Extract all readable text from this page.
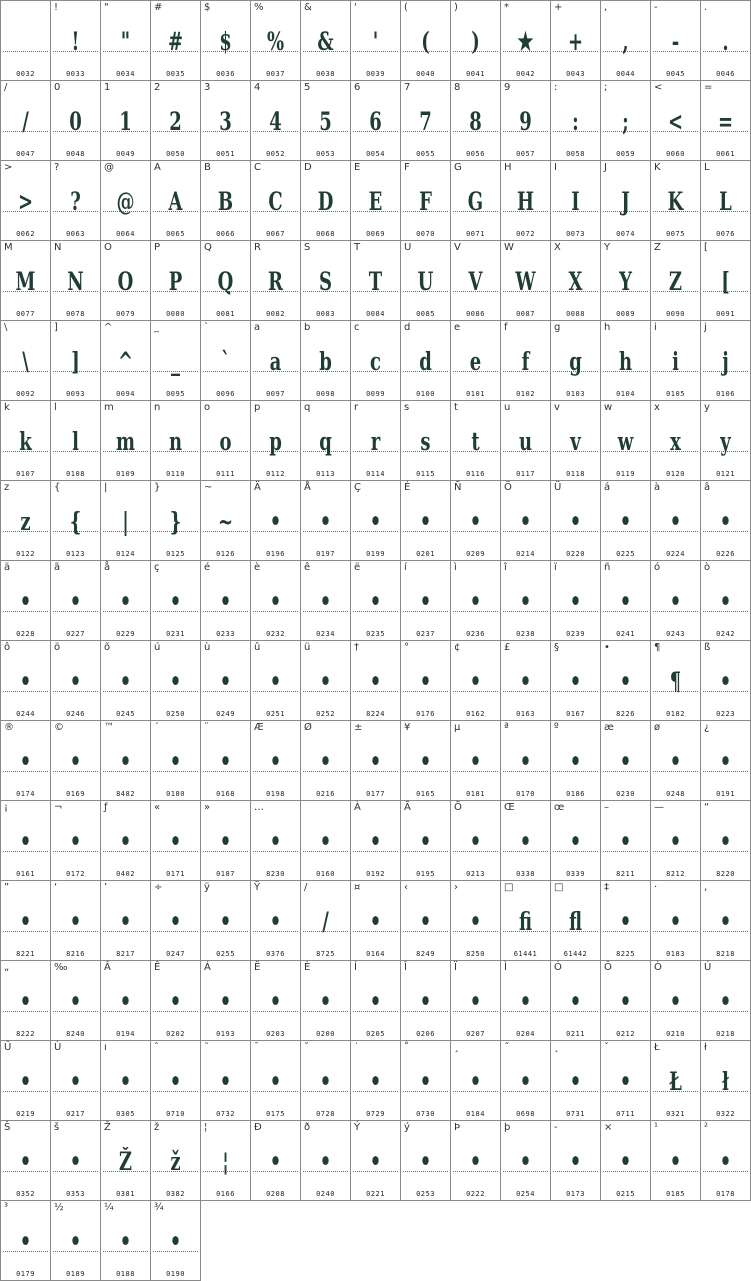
0032
!
!
0033
"
"
0034
#
#
0035
$
$
0036
%
%
0037
&
&
0038
'
'
0039
(
(
0040
)
)
0041
*
★
0042
+
+
0043
,
,
0044
-
-
0045
.
.
0046
/
/
0047
0
0
0048
1
1
0049
2
2
0050
3
3
0051
4
4
0052
5
5
0053
6
6
0054
7
7
0055
8
8
0056
9
9
0057
:
:
0058
;
;
0059
<
<
0060
=
=
0061
>
>
0062
?
?
0063
@
@
0064
A
A
0065
B
B
0066
C
C
0067
D
D
0068
E
E
0069
F
F
0070
G
G
0071
H
H
0072
I
I
0073
J
J
0074
K
K
0075
L
L
0076
M
M
0077
N
N
0078
O
O
0079
P
P
0080
Q
Q
0081
R
R
0082
S
S
0083
T
T
0084
U
U
0085
V
V
0086
W
W
0087
X
X
0088
Y
Y
0089
Z
Z
0090
[
[
0091
\
\
0092
]
]
0093
^
^
0094
_
_
0095
`
`
0096
a
a
0097
b
b
0098
c
c
0099
d
d
0100
e
e
0101
f
f
0102
g
g
0103
h
h
0104
i
i
0105
j
j
0106
k
k
0107
l
l
0108
m
m
0109
n
n
0110
o
o
0111
p
p
0112
q
q
0113
r
r
0114
s
s
0115
t
t
0116
u
u
0117
v
v
0118
w
w
0119
x
x
0120
y
y
0121
z
z
0122
{
{
0123
|
|
0124
}
}
0125
~
~
0126
Ä
•
0196
Å
•
0197
Ç
•
0199
É
•
0201
Ñ
•
0209
Ö
•
0214
Ü
•
0220
á
•
0225
à
•
0224
â
•
0226
ä
•
0228
ã
•
0227
å
•
0229
ç
•
0231
é
•
0233
è
•
0232
ê
•
0234
ë
•
0235
í
•
0237
ì
•
0236
î
•
0238
ï
•
0239
ñ
•
0241
ó
•
0243
ò
•
0242
ô
•
0244
ö
•
0246
õ
•
0245
ú
•
0250
ù
•
0249
û
•
0251
ü
•
0252
†
•
8224
°
•
0176
¢
•
0162
£
•
0163
§
•
0167
•
•
8226
¶
¶
0182
ß
•
0223
®
•
0174
©
•
0169
™
•
8482
´
•
0180
¨
•
0168
Æ
•
0198
Ø
•
0216
±
•
0177
¥
•
0165
µ
•
0181
ª
•
0170
º
•
0186
æ
•
0230
ø
•
0248
¿
•
0191
¡
•
0161
¬
•
0172
ƒ
•
0402
«
•
0171
»
•
0187
…
•
8230
•
0160
À
•
0192
Ã
•
0195
Õ
•
0213
Œ
•
0338
œ
•
0339
–
•
8211
—
•
8212
“
•
8220
”
•
8221
‘
•
8216
’
•
8217
÷
•
0247
ÿ
•
0255
Ÿ
•
0376
/
/
8725
¤
•
0164
‹
•
8249
›
•
8250
□
fi
61441
□
fl
61442
‡
•
8225
·
•
0183
‚
•
8218
„
•
8222
‰
•
8240
Â
•
0194
Ê
•
0202
Á
•
0193
Ë
•
0203
È
•
0200
Í
•
0205
Î
•
0206
Ï
•
0207
Ì
•
0204
Ó
•
0211
Ô
•
0212
Ò
•
0210
Ú
•
0218
Û
•
0219
Ù
•
0217
ı
•
0305
ˆ
•
0710
˜
•
0732
¯
•
0175
˘
•
0728
˙
•
0729
˚
•
0730
¸
•
0184
˝
•
0698
˛
•
0731
ˇ
•
0711
Ł
Ł
0321
ł
ł
0322
Š
•
0352
š
•
0353
Ž
Ž
0381
ž
ž
0382
¦
¦
0166
Ð
•
0208
ð
•
0240
Ý
•
0221
ý
•
0253
Þ
•
0222
þ
•
0254
-
•
0173
×
•
0215
¹
•
0185
²
•
0178
³
•
0179
½
•
0189
¼
•
0188
¾
•
0190
